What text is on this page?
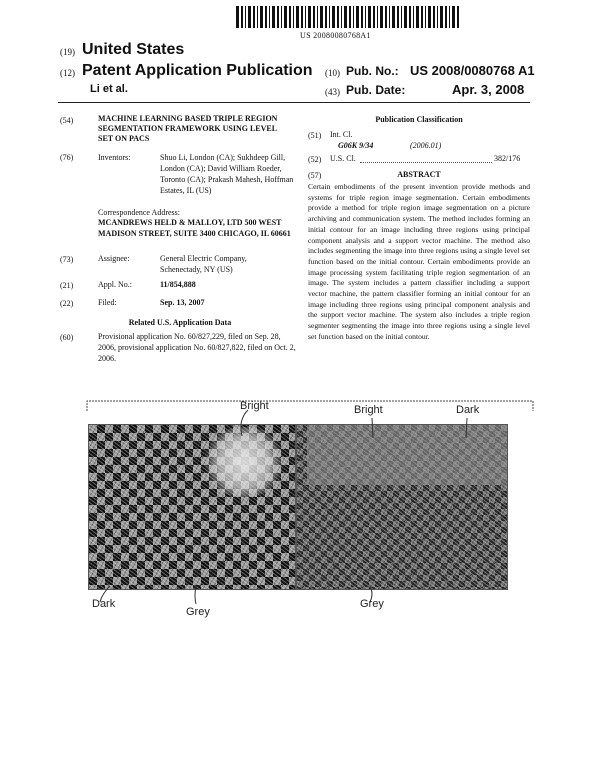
US 20080080768A1
(19) United States
(12) Patent Application Publication
Li et al.
(10) Pub. No.: US 2008/0080768 A1
(43) Pub. Date:	Apr. 3, 2008
(54)	MACHINE LEARNING BASED TRIPLE REGION SEGMENTATION FRAMEWORK USING LEVEL SET ON PACS
(76)	Inventors:	Shuo Li, London (CA); Sukhdeep Gill, London (CA); David William Roeder, Toronto (CA); Prakash Mahesh, Hoffman Estates, IL (US)
Correspondence Address:
MCANDREWS HELD & MALLOY, LTD 500 WEST MADISON STREET, SUITE 3400 CHICAGO, IL 60661
(73)	Assignee:	General Electric Company, Schenectady, NY (US)
(21)	Appl. No.:	11/854,888
(22)	Filed:	Sep. 13, 2007
Related U.S. Application Data
(60)	Provisional application No. 60/827,229, filed on Sep. 28, 2006, provisional application No. 60/827,822, filed on Oct. 2, 2006.
Publication Classification
(51) Int. Cl.
G06K 9/34	(2006.01)
(52) U.S. Cl.	382/176
(57)	ABSTRACT
Certain embodiments of the present invention provide methods and systems for triple region image segmentation. Certain embodiments provide a method for triple region image segmentation on a picture archiving and communication system. The method includes forming an initial contour for an image including three regions using principal component analysis and a support vector machine. The method also includes segmenting the image into three regions using a single level set function based on the initial contour. Certain embodiments provide an image processing system facilitating triple region segmentation of an image. The system includes a pattern classifier including a support vector machine, the pattern classifier forming an initial contour for an image including three regions using principal component analysis and the support vector machine. The system also includes a triple region segmenter segmenting the image into three regions using a single level set function based on the initial contour.
Bright	Bright	Dark
Dark
Grey
Grey
